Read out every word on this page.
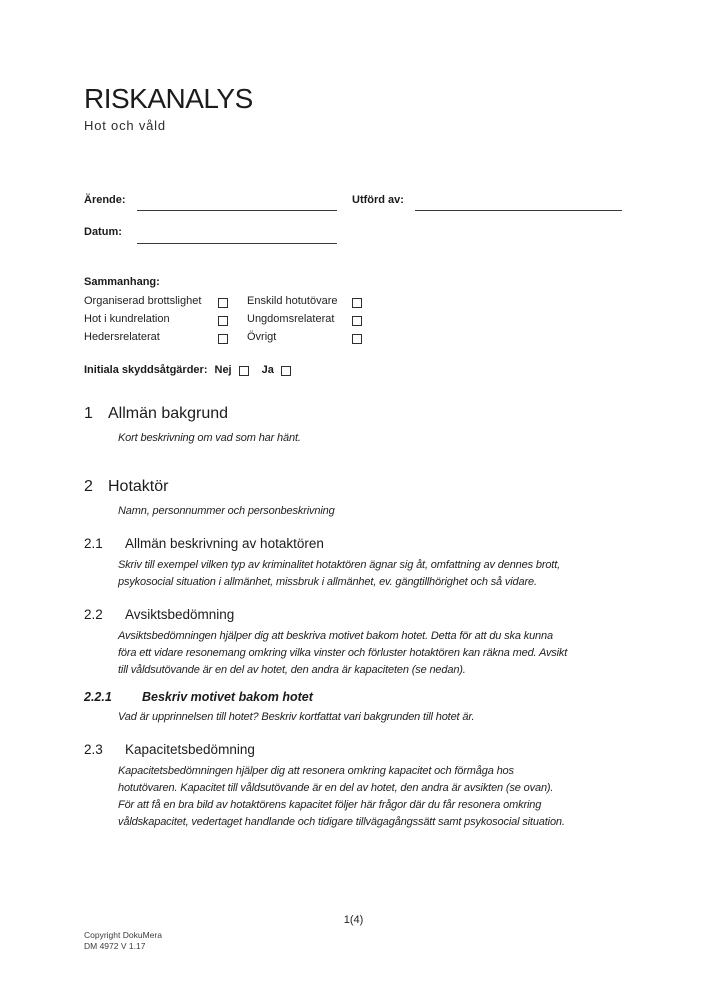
RISKANALYS
Hot och våld
Ärende:	Utförd av:
Datum:
Sammanhang:
Organiserad brottslighet	Enskild hotutövare
Hot i kundrelation	Ungdomsrelaterat
Hedersrelaterat	Övrigt
Initiala skyddsåtgärder: Nej	Ja
1 Allmän bakgrund

Kort beskrivning om vad som har hänt.

2 Hotaktör

Namn, personnummer och personbeskrivning

2.1	Allmän beskrivning av hotaktören

Skriv till exempel vilken typ av kriminalitet hotaktören ägnar sig åt, omfattning av dennes brott, psykosocial situation i allmänhet, missbruk i allmänhet, ev. gängtillhörighet och så vidare.

2.2	Avsiktsbedömning

Avsiktsbedömningen hjälper dig att beskriva motivet bakom hotet. Detta för att du ska kunna föra ett vidare resonemang omkring vilka vinster och förluster hotaktören kan räkna med. Avsikt till våldsutövande är en del av hotet, den andra är kapaciteten (se nedan).

2.2.1	Beskriv motivet bakom hotet

Vad är upprinnelsen till hotet? Beskriv kortfattat vari bakgrunden till hotet är.

2.3	Kapacitetsbedömning

Kapacitetsbedömningen hjälper dig att resonera omkring kapacitet och förmåga hos hotutövaren. Kapacitet till våldsutövande är en del av hotet, den andra är avsikten (se ovan). För att få en bra bild av hotaktörens kapacitet följer här frågor där du får resonera omkring våldskapacitet, vedertaget handlande och tidigare tillvägagångssätt samt psykosocial situation.

1(4)
Copyright DokuMera
DM 4972 V 1.17
